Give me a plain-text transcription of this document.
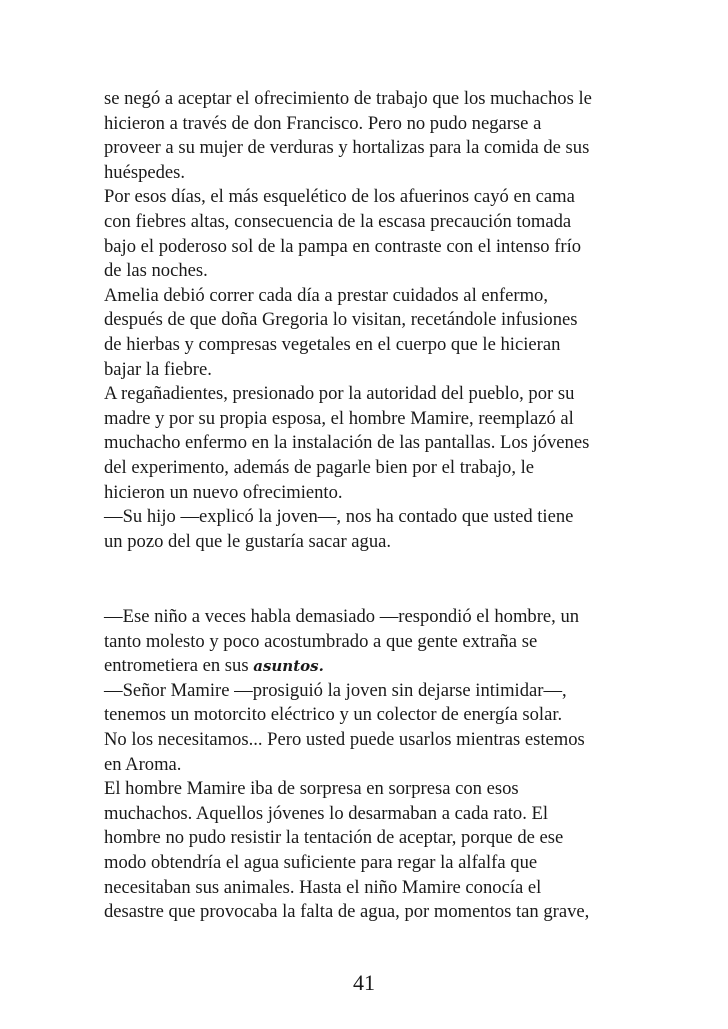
se negó a aceptar el ofrecimiento de trabajo que los muchachos le
hicieron a través de don Francisco. Pero no pudo negarse a
proveer a su mujer de verduras y hortalizas para la comida de sus
huéspedes.
Por esos días, el más esquelético de los afuerinos cayó en cama
con fiebres altas, consecuencia de la escasa precaución tomada
bajo el poderoso sol de la pampa en contraste con el intenso frío
de las noches.
Amelia debió correr cada día a prestar cuidados al enfermo,
después de que doña Gregoria lo visitan, recetándole infusiones
de hierbas y compresas vegetales en el cuerpo que le hicieran
bajar la fiebre.
A regañadientes, presionado por la autoridad del pueblo, por su
madre y por su propia esposa, el hombre Mamire, reemplazó al
muchacho enfermo en la instalación de las pantallas. Los jóvenes
del experimento, además de pagarle bien por el trabajo, le
hicieron un nuevo ofrecimiento.
—Su hijo —explicó la joven—, nos ha contado que usted tiene
un pozo del que le gustaría sacar agua.
—Ese niño a veces habla demasiado —respondió el hombre, un
tanto molesto y poco acostumbrado a que gente extraña se
entrometiera en sus asuntos.
—Señor Mamire —prosiguió la joven sin dejarse intimidar—,
tenemos un motorcito eléctrico y un colector de energía solar.
No los necesitamos... Pero usted puede usarlos mientras estemos
en Aroma.
El hombre Mamire iba de sorpresa en sorpresa con esos
muchachos. Aquellos jóvenes lo desarmaban a cada rato. El
hombre no pudo resistir la tentación de aceptar, porque de ese
modo obtendría el agua suficiente para regar la alfalfa que
necesitaban sus animales. Hasta el niño Mamire conocía el
desastre que provocaba la falta de agua, por momentos tan grave,
41
